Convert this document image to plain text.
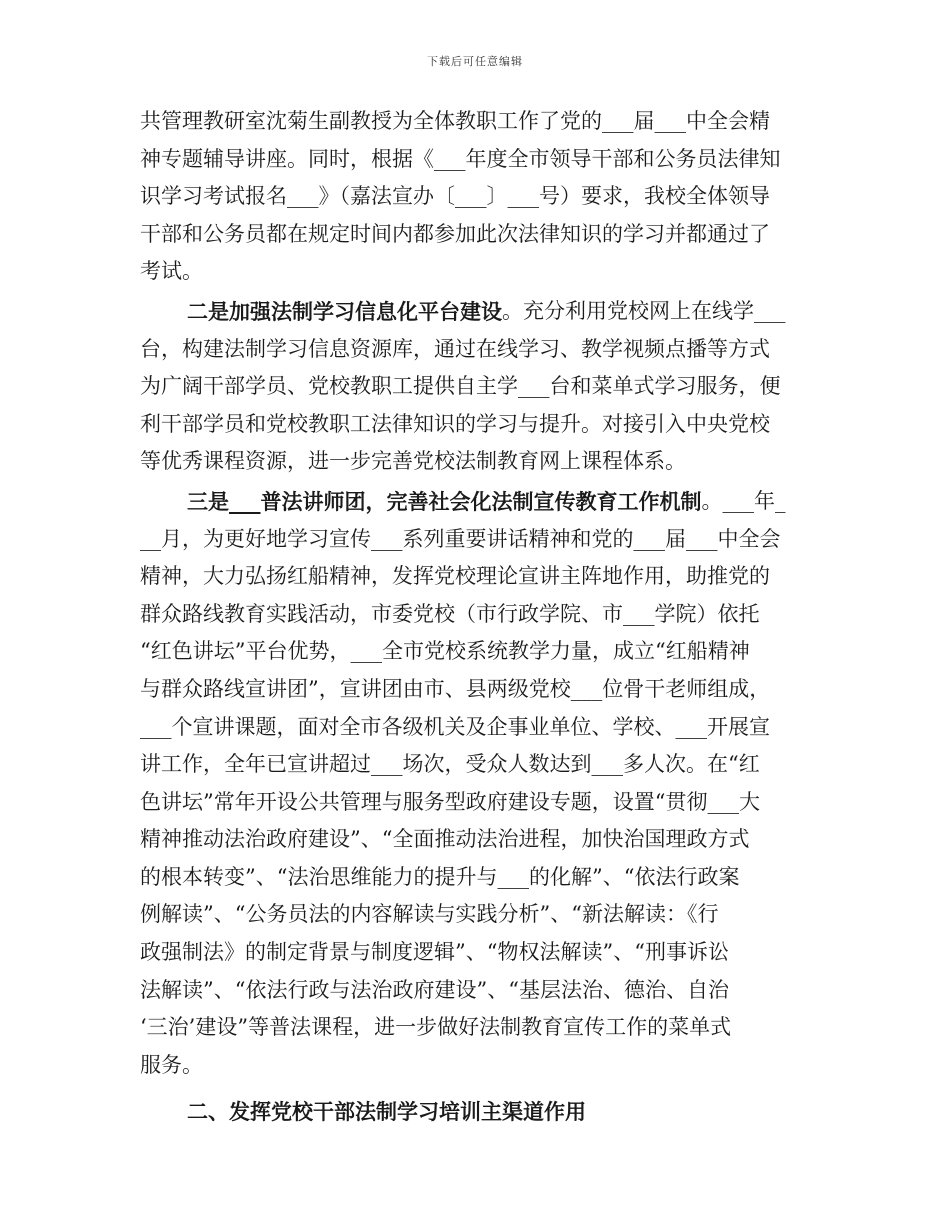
下载后可任意编辑
共管理教研室沈菊生副教授为全体教职工作了党的___届___中全会精
神专题辅导讲座。同时，根据《___年度全市领导干部和公务员法律知
识学习考试报名___》（嘉法宣办〔___〕___号）要求，我校全体领导
干部和公务员都在规定时间内都参加此次法律知识的学习并都通过了
考试。
二是加强法制学习信息化平台建设 。充分利用党校网上在线学___
台，构建法制学习信息资源库，通过在线学习、教学视频点播等方式
为广阔干部学员、党校教职工提供自主学___台和菜单式学习服务，便
利干部学员和党校教职工法律知识的学习与提升。对接引入中央党校
等优秀课程资源，进一步完善党校法制教育网上课程体系。
三是___普法讲师团，完善社会化法制宣传教育工作机制 。___年_
__月，为更好地学习宣传___系列重要讲话精神和党的___届___中全会
精神，大力弘扬红船精神，发挥党校理论宣讲主阵地作用，助推党的
群众路线教育实践活动，市委党校（市行政学院、市___学院）依托
“红色讲坛”平台优势，___全市党校系统教学力量，成立“红船精神
与群众路线宣讲团”，宣讲团由市、县两级党校___位骨干老师组成，
___个宣讲课题，面对全市各级机关及企事业单位、学校、___开展宣
讲工作，全年已宣讲超过___场次，受众人数达到___多人次。在“红
色讲坛”常年开设公共管理与服务型政府建设专题，设置“贯彻___大
精神推动法治政府建设”、“全面推动法治进程，加快治国理政方式
的根本转变”、“法治思维能力的提升与___的化解”、“依法行政案
例解读”、“公务员法的内容解读与实践分析”、“新法解读：《行
政强制法》的制定背景与制度逻辑”、“物权法解读”、“刑事诉讼
法解读”、“依法行政与法治政府建设”、“基层法治、德治、自治
‘三治’建设”等普法课程，进一步做好法制教育宣传工作的菜单式
服务。
二、发挥党校干部法制学习培训主渠道作用
